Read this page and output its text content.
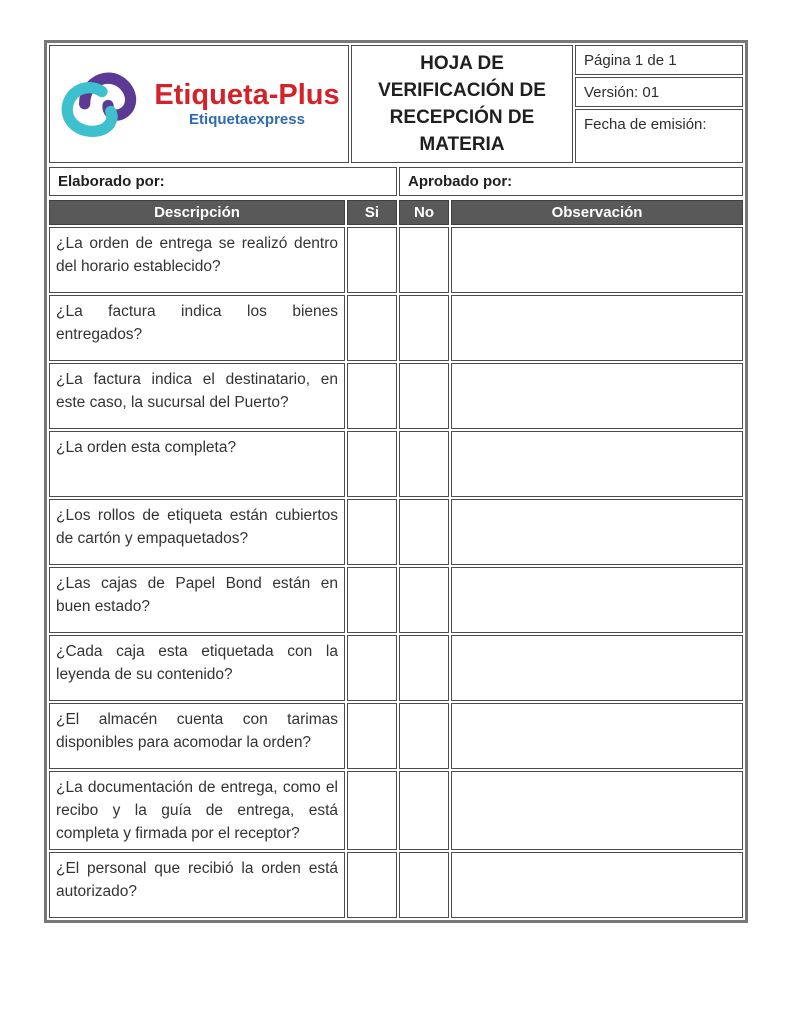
Etiqueta-Plus
Etiquetaexpress
	HOJA DE VERIFICACIÓN DE RECEPCIÓN DE MATERIA	Página 1 de 1
Versión: 01
Fecha de emisión:
Elaborado por:	Aprobado por:
Descripción	Si	No	Observación
¿La orden de entrega se realizó dentro del horario establecido?			
¿La factura indica los bienes entregados?			
¿La factura indica el destinatario, en este caso, la sucursal del Puerto?			
¿La orden esta completa?			
¿Los rollos de etiqueta están cubiertos de cartón y empaquetados?			
¿Las cajas de Papel Bond están en buen estado?			
¿Cada caja esta etiquetada con la leyenda de su contenido?			
¿El almacén cuenta con tarimas disponibles para acomodar la orden?			
¿La documentación de entrega, como el recibo y la guía de entrega, está completa y firmada por el receptor?			
¿El personal que recibió la orden está autorizado?			
